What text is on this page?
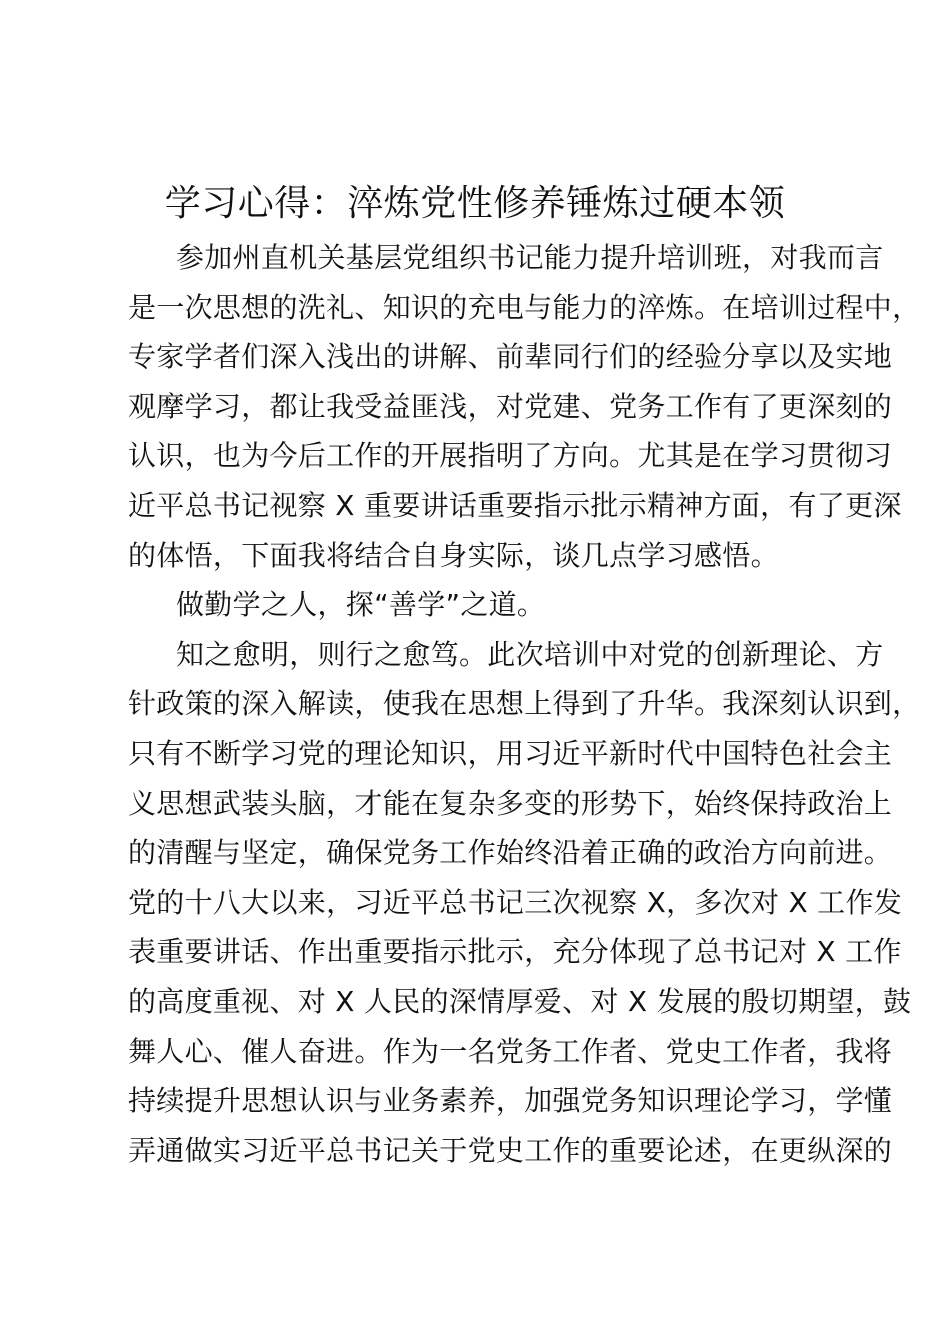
学习心得：淬炼党性修养锤炼过硬本领

参加州直机关基层党组织书记能力提升培训班，对我而言
是一次思想的洗礼、知识的充电与能力的淬炼。在培训过程中，
专家学者们深入浅出的讲解、前辈同行们的经验分享以及实地
观摩学习，都让我受益匪浅，对党建、党务工作有了更深刻的
认识，也为今后工作的开展指明了方向。尤其是在学习贯彻习
近平总书记视察 X 重要讲话重要指示批示精神方面，有了更深
的体悟，下面我将结合自身实际，谈几点学习感悟。

做勤学之人，探“善学”之道。

知之愈明，则行之愈笃。此次培训中对党的创新理论、方
针政策的深入解读，使我在思想上得到了升华。我深刻认识到，
只有不断学习党的理论知识，用习近平新时代中国特色社会主
义思想武装头脑，才能在复杂多变的形势下，始终保持政治上
的清醒与坚定，确保党务工作始终沿着正确的政治方向前进。
党的十八大以来，习近平总书记三次视察 X，多次对 X 工作发
表重要讲话、作出重要指示批示，充分体现了总书记对 X 工作
的高度重视、对 X 人民的深情厚爱、对 X 发展的殷切期望，鼓
舞人心、催人奋进。作为一名党务工作者、党史工作者，我将
持续提升思想认识与业务素养，加强党务知识理论学习，学懂
弄通做实习近平总书记关于党史工作的重要论述，在更纵深的
